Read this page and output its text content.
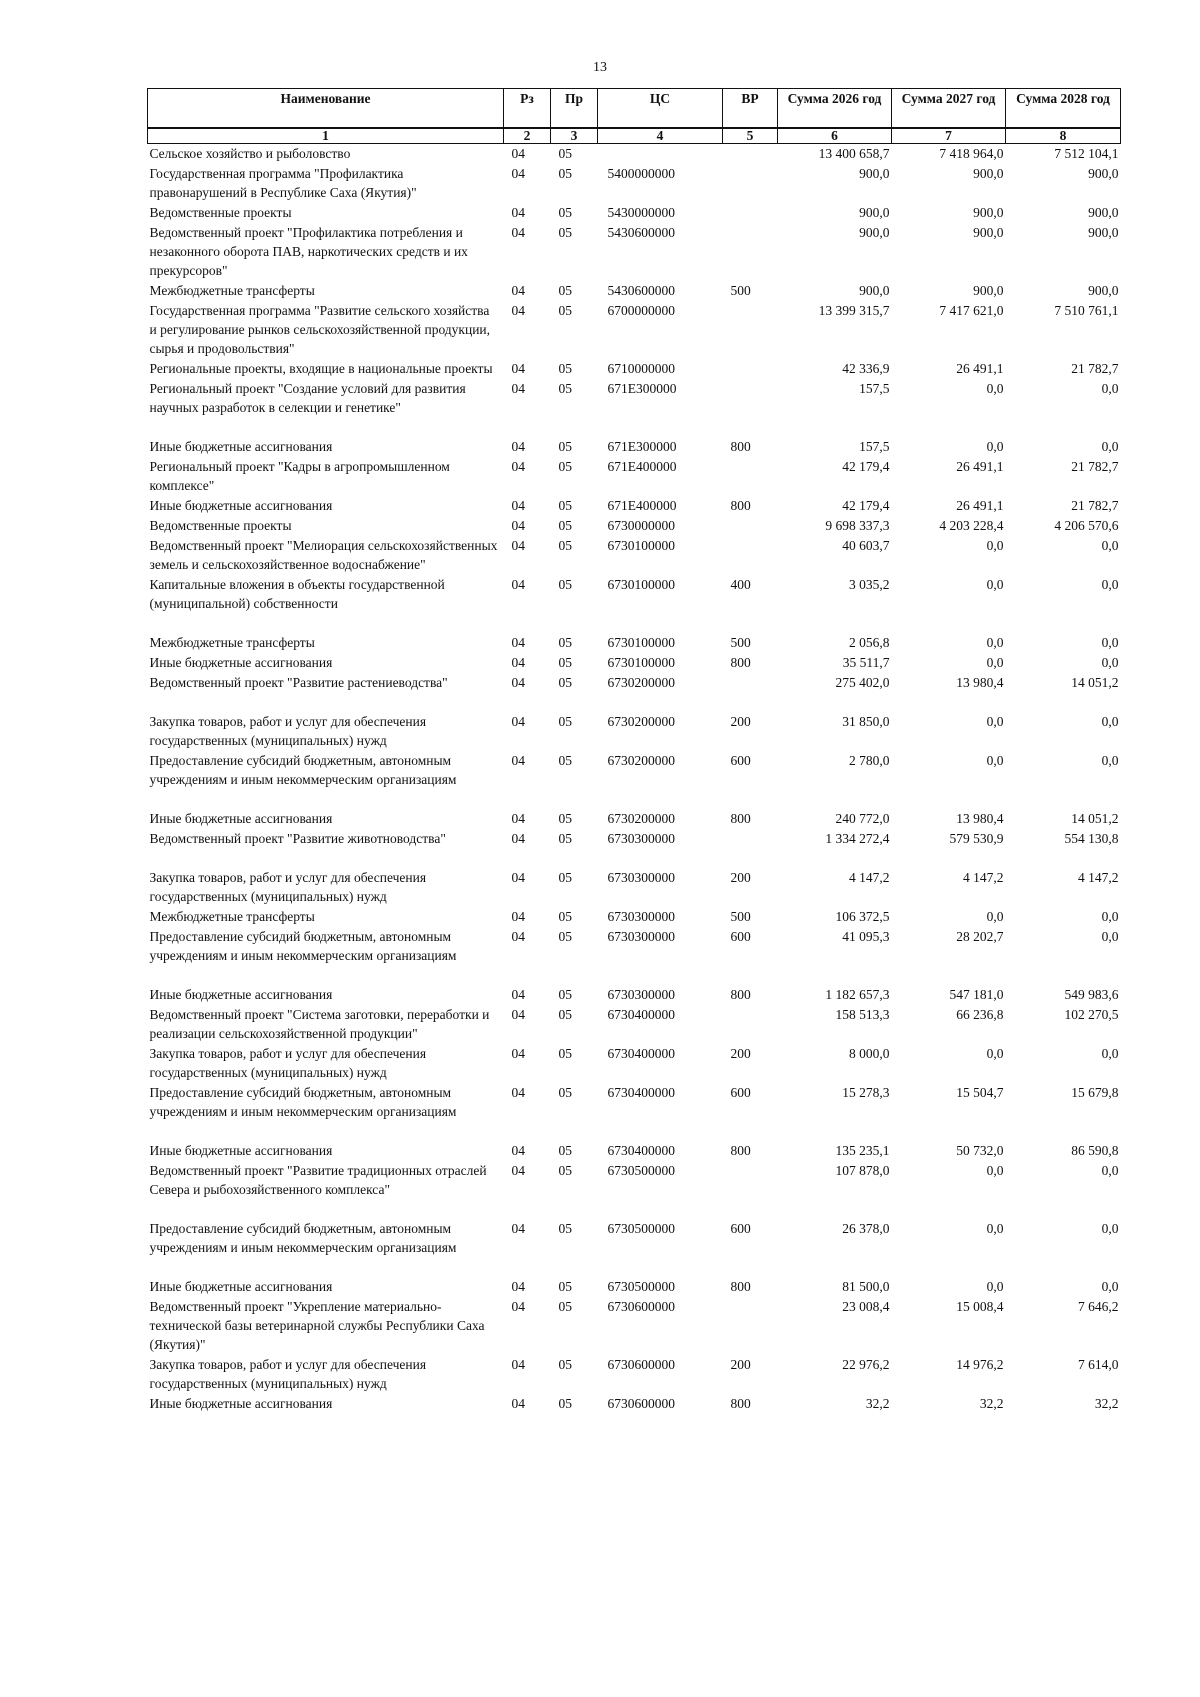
13
Наименование	Рз	Пр	ЦС	ВР	Сумма 2026 год	Сумма 2027 год	Сумма 2028 год
1	2	3	4	5	6	7	8
Сельское хозяйство и рыболовство	04	05			13 400 658,7	7 418 964,0	7 512 104,1
Государственная программа "Профилактика правонарушений в Республике Саха (Якутия)"	04	05	5400000000		900,0	900,0	900,0
Ведомственные проекты	04	05	5430000000		900,0	900,0	900,0
Ведомственный проект "Профилактика потребления и незаконного оборота ПАВ, наркотических средств и их прекурсоров"	04	05	5430600000		900,0	900,0	900,0
Межбюджетные трансферты	04	05	5430600000	500	900,0	900,0	900,0
Государственная программа "Развитие сельского хозяйства и регулирование рынков сельскохозяйственной продукции, сырья и продовольствия"	04	05	6700000000		13 399 315,7	7 417 621,0	7 510 761,1
Региональные проекты, входящие в национальные проекты	04	05	6710000000		42 336,9	26 491,1	21 782,7
Региональный проект "Создание условий для развития научных разработок в селекции и генетике"	04	05	671E300000		157,5	0,0	0,0
Иные бюджетные ассигнования	04	05	671E300000	800	157,5	0,0	0,0
Региональный проект "Кадры в агропромышленном комплексе"	04	05	671E400000		42 179,4	26 491,1	21 782,7
Иные бюджетные ассигнования	04	05	671E400000	800	42 179,4	26 491,1	21 782,7
Ведомственные проекты	04	05	6730000000		9 698 337,3	4 203 228,4	4 206 570,6
Ведомственный проект "Мелиорация сельскохозяйственных земель и сельскохозяйственное водоснабжение"	04	05	6730100000		40 603,7	0,0	0,0
Капитальные вложения в объекты государственной (муниципальной) собственности	04	05	6730100000	400	3 035,2	0,0	0,0
Межбюджетные трансферты	04	05	6730100000	500	2 056,8	0,0	0,0
Иные бюджетные ассигнования	04	05	6730100000	800	35 511,7	0,0	0,0
Ведомственный проект "Развитие растениеводства"	04	05	6730200000		275 402,0	13 980,4	14 051,2
Закупка товаров, работ и услуг для обеспечения государственных (муниципальных) нужд	04	05	6730200000	200	31 850,0	0,0	0,0
Предоставление субсидий бюджетным, автономным учреждениям и иным некоммерческим организациям	04	05	6730200000	600	2 780,0	0,0	0,0
Иные бюджетные ассигнования	04	05	6730200000	800	240 772,0	13 980,4	14 051,2
Ведомственный проект "Развитие животноводства"	04	05	6730300000		1 334 272,4	579 530,9	554 130,8
Закупка товаров, работ и услуг для обеспечения государственных (муниципальных) нужд	04	05	6730300000	200	4 147,2	4 147,2	4 147,2
Межбюджетные трансферты	04	05	6730300000	500	106 372,5	0,0	0,0
Предоставление субсидий бюджетным, автономным учреждениям и иным некоммерческим организациям	04	05	6730300000	600	41 095,3	28 202,7	0,0
Иные бюджетные ассигнования	04	05	6730300000	800	1 182 657,3	547 181,0	549 983,6
Ведомственный проект "Система заготовки, переработки и реализации сельскохозяйственной продукции"	04	05	6730400000		158 513,3	66 236,8	102 270,5
Закупка товаров, работ и услуг для обеспечения государственных (муниципальных) нужд	04	05	6730400000	200	8 000,0	0,0	0,0
Предоставление субсидий бюджетным, автономным учреждениям и иным некоммерческим организациям	04	05	6730400000	600	15 278,3	15 504,7	15 679,8
Иные бюджетные ассигнования	04	05	6730400000	800	135 235,1	50 732,0	86 590,8
Ведомственный проект "Развитие традиционных отраслей Севера и рыбохозяйственного комплекса"	04	05	6730500000		107 878,0	0,0	0,0
Предоставление субсидий бюджетным, автономным учреждениям и иным некоммерческим организациям	04	05	6730500000	600	26 378,0	0,0	0,0
Иные бюджетные ассигнования	04	05	6730500000	800	81 500,0	0,0	0,0
Ведомственный проект "Укрепление материально-технической базы ветеринарной службы Республики Саха (Якутия)"	04	05	6730600000		23 008,4	15 008,4	7 646,2
Закупка товаров, работ и услуг для обеспечения государственных (муниципальных) нужд	04	05	6730600000	200	22 976,2	14 976,2	7 614,0
Иные бюджетные ассигнования	04	05	6730600000	800	32,2	32,2	32,2
